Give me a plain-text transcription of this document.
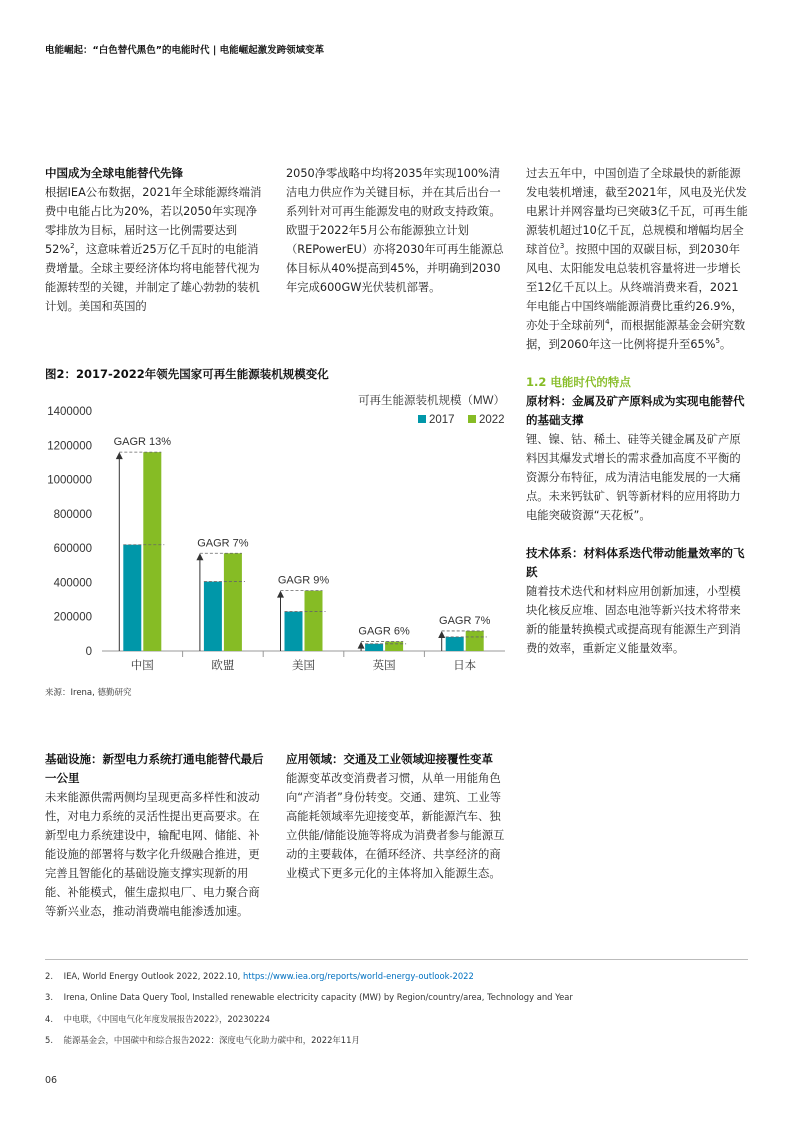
电能崛起：“白色替代黑色”的电能时代 | 电能崛起激发跨领域变革
中国成为全球电能替代先锋

根据IEA公布数据，2021年全球能源终端消费中电能占比为20%，若以2050年实现净零排放为目标，届时这一比例需要达到52%$^2$，这意味着近25万亿千瓦时的电能消费增量。全球主要经济体均将电能替代视为能源转型的关键，并制定了雄心勃勃的装机计划。美国和英国的

2050净零战略中均将2035年实现100%清洁电力供应作为关键目标，并在其后出台一系列针对可再生能源发电的财政支持政策。欧盟于2022年5月公布能源独立计划（REPowerEU）亦将2030年可再生能源总体目标从40%提高到45%，并明确到2030年完成600GW光伏装机部署。

过去五年中，中国创造了全球最快的新能源发电装机增速，截至2021年，风电及光伏发电累计并网容量均已突破3亿千瓦，可再生能源装机超过10亿千瓦，总规模和增幅均居全球首位$^3$。按照中国的双碳目标，到2030年风电、太阳能发电总装机容量将进一步增长至12亿千瓦以上。从终端消费来看，2021年电能占中国终端能源消费比重约26.9%，亦处于全球前列$^4$，而根据能源基金会研究数据，到2060年这一比例将提升至65%$^5$。

1.2 电能时代的特点
原材料：金属及矿产原料成为实现电能替代的基础支撑

锂、镍、钴、稀土、硅等关键金属及矿产原料因其爆发式增长的需求叠加高度不平衡的资源分布特征，成为清洁电能发展的一大痛点。未来钙钛矿、钒等新材料的应用将助力电能突破资源“天花板”。

技术体系：材料体系迭代带动能量效率的飞跃

随着技术迭代和材料应用创新加速，小型模块化核反应堆、固态电池等新兴技术将带来新的能量转换模式或提高现有能源生产到消费的效率，重新定义能量效率。

图2：2017-2022年领先国家可再生能源装机规模变化
0
200000
400000
600000
800000
1000000
1200000
1400000
GAGR 13%
中国
GAGR 7%
欧盟
GAGR 9%
美国
GAGR 6%
英国
GAGR 7%
日本
可再生能源装机规模（MW）
2017 2022
来源：Irena, 德勤研究
基础设施：新型电力系统打通电能替代最后一公里

未来能源供需两侧均呈现更高多样性和波动性，对电力系统的灵活性提出更高要求。在新型电力系统建设中，输配电网、储能、补能设施的部署将与数字化升级融合推进，更完善且智能化的基础设施支撑实现新的用能、补能模式，催生虚拟电厂、电力聚合商等新兴业态，推动消费端电能渗透加速。

应用领域：交通及工业领域迎接覆性变革

能源变革改变消费者习惯，从单一用能角色向“产消者”身份转变。交通、建筑、工业等高能耗领域率先迎接变革，新能源汽车、独立供能/储能设施等将成为消费者参与能源互动的主要载体，在循环经济、共享经济的商业模式下更多元化的主体将加入能源生态。

2. IEA, World Energy Outlook 2022, 2022.10, https://www.iea.org/reports/world-energy-outlook-2022
3. Irena, Online Data Query Tool, Installed renewable electricity capacity (MW) by Region/country/area, Technology and Year
4. 中电联，《中国电气化年度发展报告2022》，20230224
5. 能源基金会，中国碳中和综合报告2022：深度电气化助力碳中和，2022年11月
06
